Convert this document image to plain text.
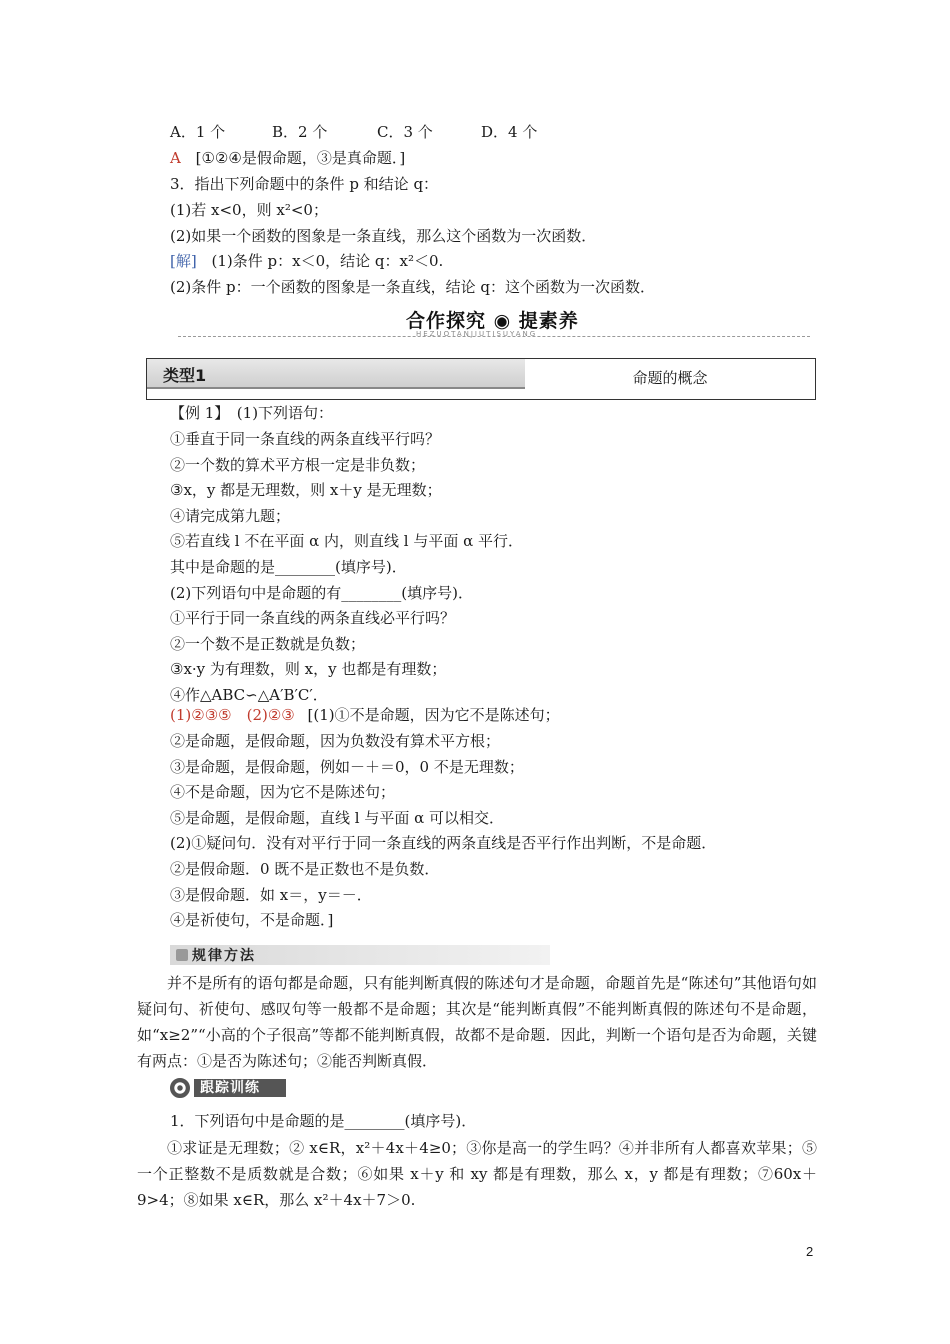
A．1 个	B．2 个	C．3 个	D．4 个
A [①②④是假命题，③是真命题．]
3．指出下列命题中的条件 p 和结论 q：
(1)若 x<0，则 x²<0；
(2)如果一个函数的图象是一条直线，那么这个函数为一次函数．
[解] (1)条件 p：x＜0，结论 q：x²＜0.
(2)条件 p：一个函数的图象是一条直线，结论 q：这个函数为一次函数．
合作探究 ◉ 提素养
HEZUOTANJIUTISUYANG
类型1	命题的概念
【例 1】　(1)下列语句：
①垂直于同一条直线的两条直线平行吗？
②一个数的算术平方根一定是非负数；
③x，y 都是无理数，则 x＋y 是无理数；
④请完成第九题；
⑤若直线 l 不在平面 α 内，则直线 l 与平面 α 平行．
其中是命题的是________(填序号)．
(2)下列语句中是命题的有________(填序号)．
①平行于同一条直线的两条直线必平行吗？
②一个数不是正数就是负数；
③x·y 为有理数，则 x，y 也都是有理数；
④作△ABC∽△A′B′C′．
(1)②③⑤　(2)②③ [(1)①不是命题，因为它不是陈述句；
②是命题，是假命题，因为负数没有算术平方根；
③是命题，是假命题，例如－＋＝0，0 不是无理数；
④不是命题，因为它不是陈述句；
⑤是命题，是假命题，直线 l 与平面 α 可以相交．
(2)①疑问句．没有对平行于同一条直线的两条直线是否平行作出判断，不是命题．
②是假命题．0 既不是正数也不是负数．
③是假命题．如 x＝，y＝－．
④是祈使句，不是命题．]
规律方法
并不是所有的语句都是命题，只有能判断真假的陈述句才是命题，命题首先是“陈述句”其他语句如疑问句、祈使句、感叹句等一般都不是命题；其次是“能判断真假”不能判断真假的陈述句不是命题，如“x≥2”“小高的个子很高”等都不能判断真假，故都不是命题．因此，判断一个语句是否为命题，关键有两点：①是否为陈述句；②能否判断真假．
跟踪训练
1．下列语句中是命题的是________(填序号)．
①求证是无理数；② x∈R，x²＋4x＋4≥0；③你是高一的学生吗？④并非所有人都喜欢苹果；⑤一个正整数不是质数就是合数；⑥如果 x＋y 和 xy 都是有理数，那么 x，y 都是有理数；⑦60x＋9>4；⑧如果 x∈R，那么 x²＋4x＋7＞0.
2
